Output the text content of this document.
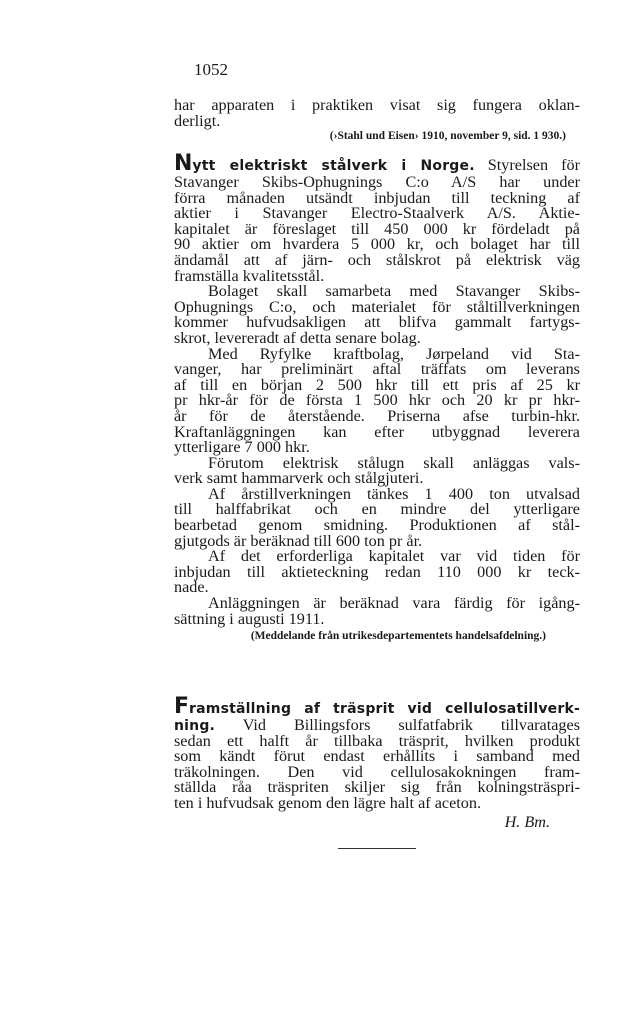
1052
har apparaten i praktiken visat sig fungera oklan-
derligt.
(›Stahl und Eisen› 1910, november 9, sid. 1 930.)
Nytt elektriskt stålverk i Norge. Styrelsen för
Stavanger Skibs-Ophugnings C:o A/S har under
förra månaden utsändt inbjudan till teckning af
aktier i Stavanger Electro-Staalverk A/S. Aktie-
kapitalet är föreslaget till 450 000 kr fördeladt på
90 aktier om hvardera 5 000 kr, och bolaget har till
ändamål att af järn- och stålskrot på elektrisk väg
framställa kvalitetsstål.
Bolaget skall samarbeta med Stavanger Skibs-
Ophugnings C:o, och materialet för ståltillverkningen
kommer hufvudsakligen att blifva gammalt fartygs-
skrot, levereradt af detta senare bolag.
Med Ryfylke kraftbolag, Jørpeland vid Sta-
vanger, har preliminärt aftal träffats om leverans
af till en början 2 500 hkr till ett pris af 25 kr
pr hkr-år för de första 1 500 hkr och 20 kr pr hkr-
år för de återstående. Priserna afse turbin-hkr.
Kraftanläggningen kan efter utbyggnad leverera
ytterligare 7 000 hkr.
Förutom elektrisk stålugn skall anläggas vals-
verk samt hammarverk och stålgjuteri.
Af årstillverkningen tänkes 1 400 ton utvalsad
till halffabrikat och en mindre del ytterligare
bearbetad genom smidning. Produktionen af stål-
gjutgods är beräknad till 600 ton pr år.
Af det erforderliga kapitalet var vid tiden för
inbjudan till aktieteckning redan 110 000 kr teck-
nade.
Anläggningen är beräknad vara färdig för igång-
sättning i augusti 1911.
(Meddelande från utrikesdepartementets handelsafdelning.)
Framställning af träsprit vid cellulosatillverk-
ning. Vid Billingsfors sulfatfabrik tillvaratages
sedan ett halft år tillbaka träsprit, hvilken produkt
som kändt förut endast erhållits i samband med
träkolningen. Den vid cellulosakokningen fram-
ställda råa träspriten skiljer sig från kolningsträspri-
ten i hufvudsak genom den lägre halt af aceton.
H. Bm.
